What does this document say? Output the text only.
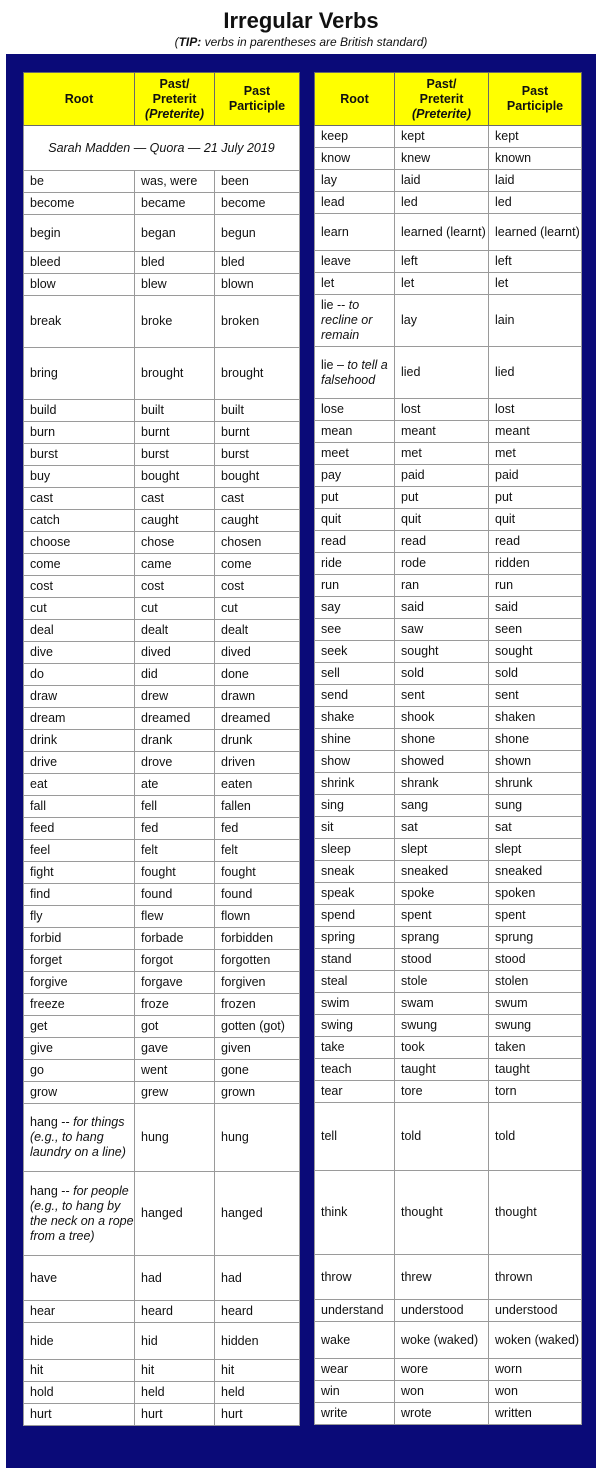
Irregular Verbs
(TIP: verbs in parentheses are British standard)
Root	Past/
Preterit
(Preterite)	Past
Participle
Sarah Madden — Quora — 21 July 2019		
be	was, were	been
become	became	become
begin	began	begun
bleed	bled	bled
blow	blew	blown
break	broke	broken
bring	brought	brought
build	built	built
burn	burnt	burnt
burst	burst	burst
buy	bought	bought
cast	cast	cast
catch	caught	caught
choose	chose	chosen
come	came	come
cost	cost	cost
cut	cut	cut
deal	dealt	dealt
dive	dived	dived
do	did	done
draw	drew	drawn
dream	dreamed	dreamed
drink	drank	drunk
drive	drove	driven
eat	ate	eaten
fall	fell	fallen
feed	fed	fed
feel	felt	felt
fight	fought	fought
find	found	found
fly	flew	flown
forbid	forbade	forbidden
forget	forgot	forgotten
forgive	forgave	forgiven
freeze	froze	frozen
get	got	gotten (got)
give	gave	given
go	went	gone
grow	grew	grown
hang -- for things (e.g., to hang laundry on a line)	hung	hung
hang -- for people (e.g., to hang by the neck on a rope from a tree)	hanged	hanged
have	had	had
hear	heard	heard
hide	hid	hidden
hit	hit	hit
hold	held	held
hurt	hurt	hurt
Root	Past/
Preterit
(Preterite)	Past
Participle
keep	kept	kept
know	knew	known
lay	laid	laid
lead	led	led
learn	learned (learnt)	learned (learnt)
leave	left	left
let	let	let
lie -- to recline or remain	lay	lain
lie – to tell a falsehood	lied	lied
lose	lost	lost
mean	meant	meant
meet	met	met
pay	paid	paid
put	put	put
quit	quit	quit
read	read	read
ride	rode	ridden
run	ran	run
say	said	said
see	saw	seen
seek	sought	sought
sell	sold	sold
send	sent	sent
shake	shook	shaken
shine	shone	shone
show	showed	shown
shrink	shrank	shrunk
sing	sang	sung
sit	sat	sat
sleep	slept	slept
sneak	sneaked	sneaked
speak	spoke	spoken
spend	spent	spent
spring	sprang	sprung
stand	stood	stood
steal	stole	stolen
swim	swam	swum
swing	swung	swung
take	took	taken
teach	taught	taught
tear	tore	torn
tell	told	told
think	thought	thought
throw	threw	thrown
understand	understood	understood
wake	woke (waked)	woken (waked)
wear	wore	worn
win	won	won
write	wrote	written
